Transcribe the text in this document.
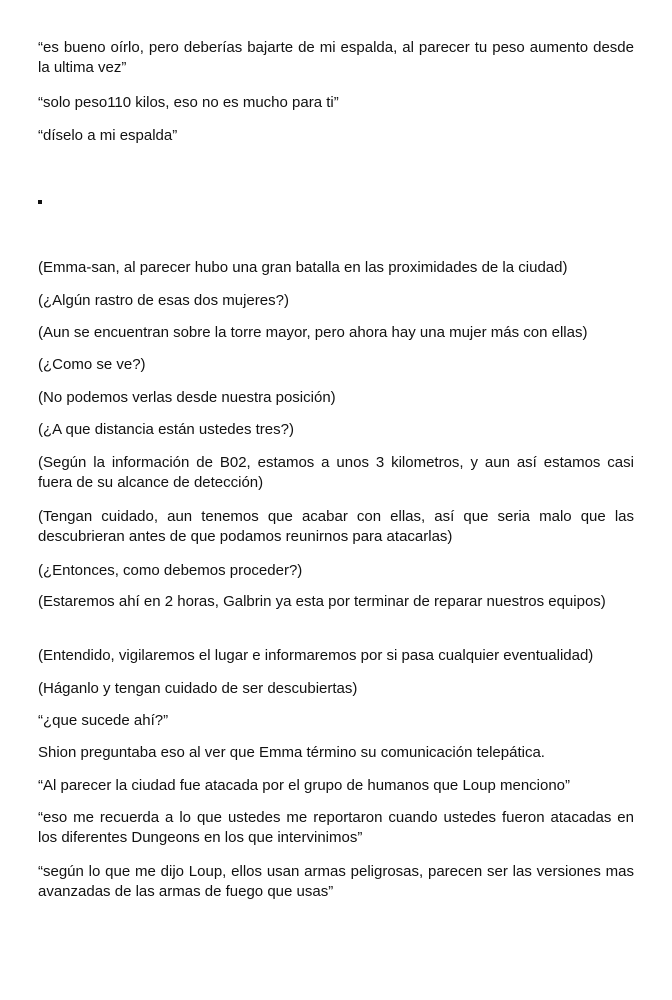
“es bueno oírlo, pero deberías bajarte de mi espalda, al parecer tu peso aumento desde la ultima vez”

“solo peso110 kilos, eso no es mucho para ti”

“díselo a mi espalda”

(Emma-san, al parecer hubo una gran batalla en las proximidades de la ciudad)

(¿Algún rastro de esas dos mujeres?)

(Aun se encuentran sobre la torre mayor, pero ahora hay una mujer más con ellas)

(¿Como se ve?)

(No podemos verlas desde nuestra posición)

(¿A que distancia están ustedes tres?)

(Según la información de B02, estamos a unos 3 kilometros, y aun así estamos casi fuera de su alcance de detección)

(Tengan cuidado, aun tenemos que acabar con ellas, así que seria malo que las descubrieran antes de que podamos reunirnos para atacarlas)

(¿Entonces, como debemos proceder?)

(Estaremos ahí en 2 horas, Galbrin ya esta por terminar de reparar nuestros equipos)

(Entendido, vigilaremos el lugar e informaremos por si pasa cualquier eventualidad)

(Háganlo y tengan cuidado de ser descubiertas)

“¿que sucede ahí?”

Shion preguntaba eso al ver que Emma término su comunicación telepática.

“Al parecer la ciudad fue atacada por el grupo de humanos que Loup menciono”

“eso me recuerda a lo que ustedes me reportaron cuando ustedes fueron atacadas en los diferentes Dungeons en los que intervinimos”

“según lo que me dijo Loup, ellos usan armas peligrosas, parecen ser las versiones mas avanzadas de las armas de fuego que usas”
